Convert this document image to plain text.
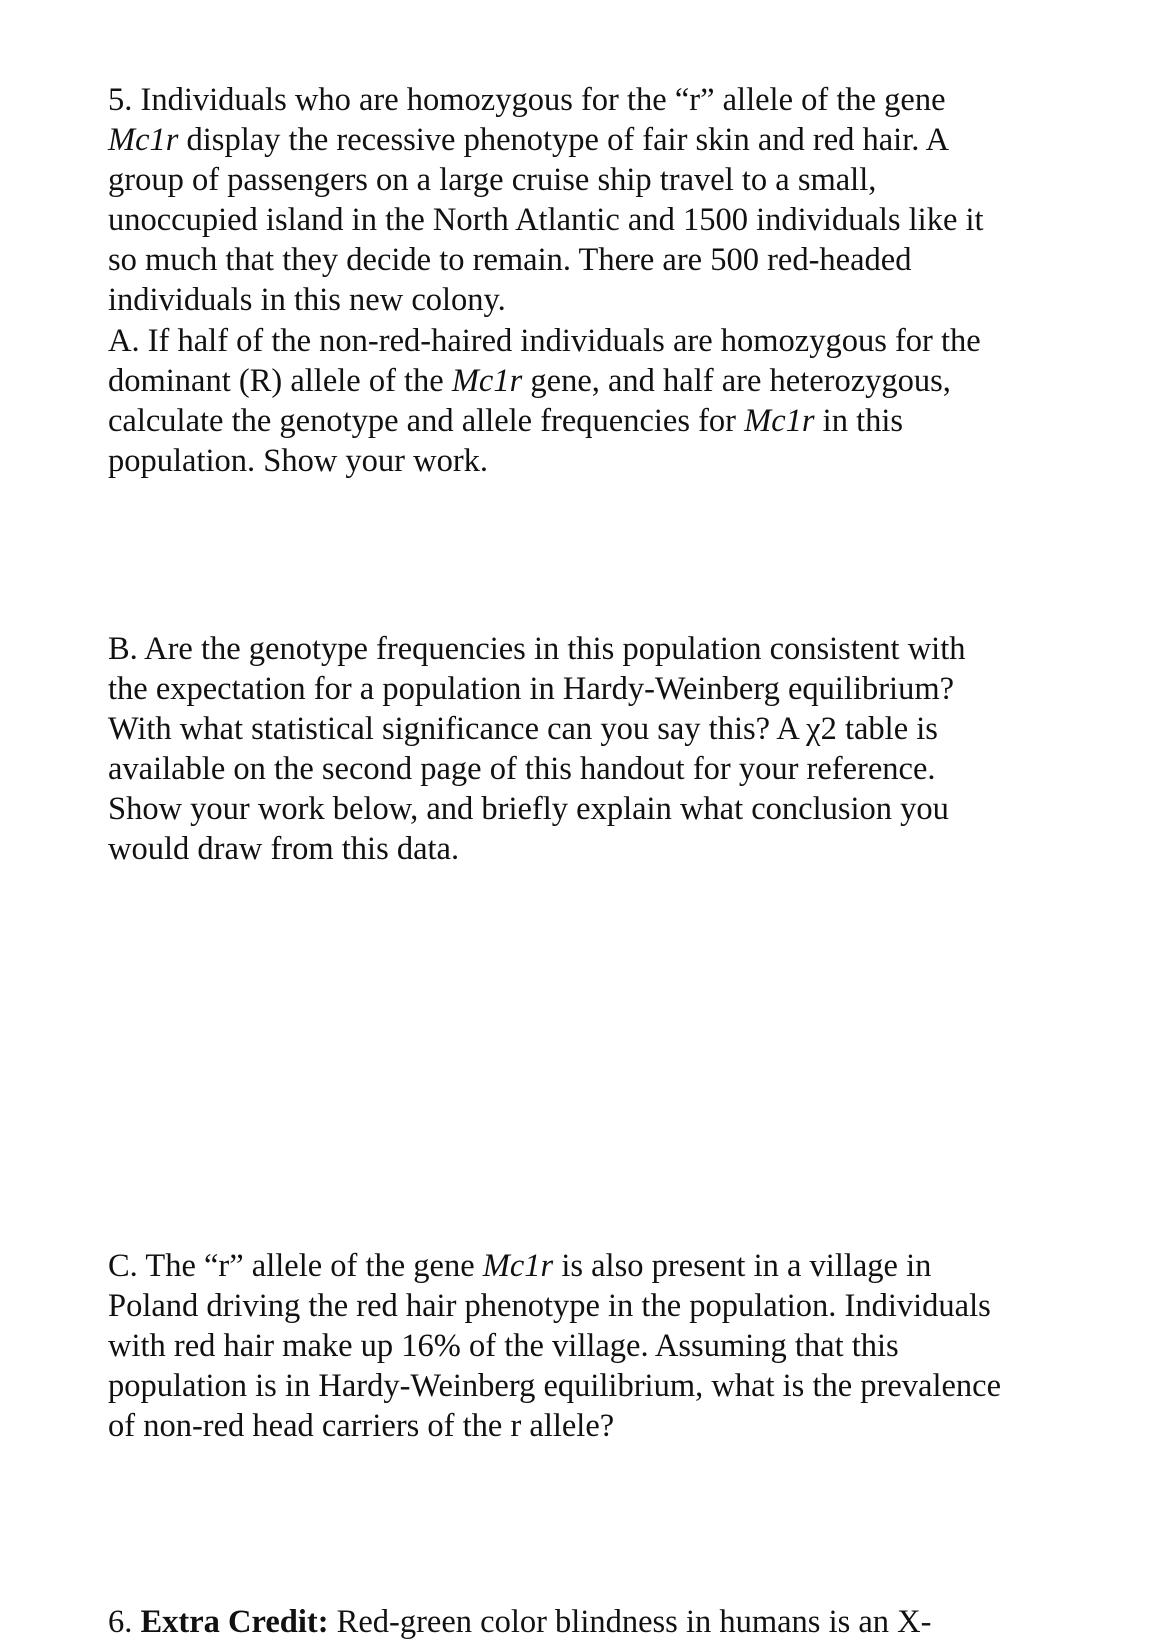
5. Individuals who are homozygous for the “r” allele of the gene
Mc1r display the recessive phenotype of fair skin and red hair. A
group of passengers on a large cruise ship travel to a small,
unoccupied island in the North Atlantic and 1500 individuals like it
so much that they decide to remain. There are 500 red-headed
individuals in this new colony.
A. If half of the non-red-haired individuals are homozygous for the
dominant (R) allele of the Mc1r gene, and half are heterozygous,
calculate the genotype and allele frequencies for Mc1r in this
population. Show your work.
B. Are the genotype frequencies in this population consistent with
the expectation for a population in Hardy-Weinberg equilibrium?
With what statistical significance can you say this? A χ2 table is
available on the second page of this handout for your reference.
Show your work below, and briefly explain what conclusion you
would draw from this data.
C. The “r” allele of the gene Mc1r is also present in a village in
Poland driving the red hair phenotype in the population. Individuals
with red hair make up 16% of the village. Assuming that this
population is in Hardy-Weinberg equilibrium, what is the prevalence
of non-red head carriers of the r allele?
6. Extra Credit: Red-green color blindness in humans is an X-
